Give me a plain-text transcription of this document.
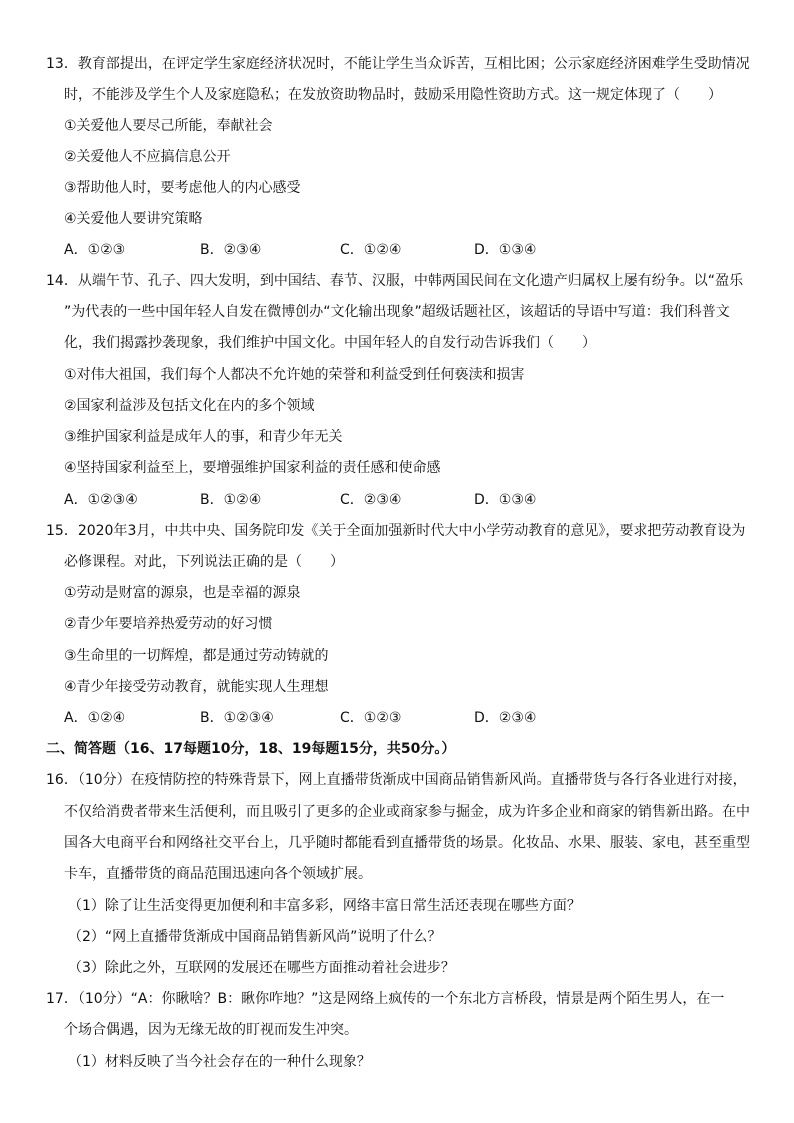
13．教育部提出，在评定学生家庭经济状况时，不能让学生当众诉苦，互相比困；公示家庭经济困难学生受助情况
时，不能涉及学生个人及家庭隐私；在发放资助物品时，鼓励采用隐性资助方式。这一规定体现了（　　）
①关爱他人要尽己所能，奉献社会
②关爱他人不应搞信息公开
③帮助他人时，要考虑他人的内心感受
④关爱他人要讲究策略
A．①②③	B．②③④	C．①②④	D．①③④
14．从端午节、孔子、四大发明，到中国结、春节、汉服，中韩两国民间在文化遗产归属权上屡有纷争。以“盈乐
”为代表的一些中国年轻人自发在微博创办“文化输出现象”超级话题社区，该超话的导语中写道：我们科普文
化，我们揭露抄袭现象，我们维护中国文化。中国年轻人的自发行动告诉我们（　　）
①对伟大祖国，我们每个人都决不允许她的荣誉和利益受到任何亵渎和损害
②国家利益涉及包括文化在内的多个领域
③维护国家利益是成年人的事，和青少年无关
④坚持国家利益至上，要增强维护国家利益的责任感和使命感
A．①②③④	B．①②④	C．②③④	D．①③④
15．2020年3月，中共中央、国务院印发《关于全面加强新时代大中小学劳动教育的意见》，要求把劳动教育设为
必修课程。对此，下列说法正确的是（　　）
①劳动是财富的源泉，也是幸福的源泉
②青少年要培养热爱劳动的好习惯
③生命里的一切辉煌，都是通过劳动铸就的
④青少年接受劳动教育，就能实现人生理想
A．①②④	B．①②③④	C．①②③	D．②③④
二、简答题（16、17每题10分，18、19每题15分，共50分。）
16．（10分）在疫情防控的特殊背景下，网上直播带货渐成中国商品销售新风尚。直播带货与各行各业进行对接，
不仅给消费者带来生活便利，而且吸引了更多的企业或商家参与掘金，成为许多企业和商家的销售新出路。在中
国各大电商平台和网络社交平台上，几乎随时都能看到直播带货的场景。化妆品、水果、服装、家电，甚至重型
卡车，直播带货的商品范围迅速向各个领域扩展。
（1）除了让生活变得更加便利和丰富多彩，网络丰富日常生活还表现在哪些方面？
（2）“网上直播带货渐成中国商品销售新风尚”说明了什么？
（3）除此之外，互联网的发展还在哪些方面推动着社会进步？
17．（10分）“A：你瞅啥？B：瞅你咋地？”这是网络上疯传的一个东北方言桥段，情景是两个陌生男人，在一
个场合偶遇，因为无缘无故的盯视而发生冲突。
（1）材料反映了当今社会存在的一种什么现象？
